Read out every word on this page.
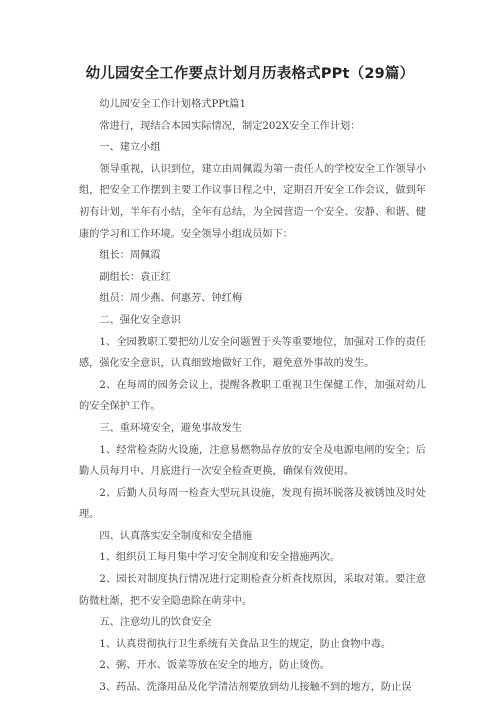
幼儿园安全工作要点计划月历表格式PPt（29篇）

幼儿园安全工作计划格式PPt篇1

常进行，现结合本园实际情况，制定202X安全工作计划：

一、建立小组

领导重视，认识到位，建立由周佩霞为第一责任人的学校安全工作领导小组，把安全工作摆到主要工作议事日程之中，定期召开安全工作会议，做到年初有计划，半年有小结，全年有总结，为全园营造一个安全、安静、和谐、健康的学习和工作环境。安全领导小组成员如下：

组长：周佩霞

副组长：袁正红

组员：周少燕、何惠芳、钟红梅

二、强化安全意识

1、全园教职工要把幼儿安全问题置于头等重要地位，加强对工作的责任感，强化安全意识，认真细致地做好工作，避免意外事故的发生。

2、在每周的园务会议上，提醒各教职工重视卫生保健工作，加强对幼儿的安全保护工作。

三、重环境安全，避免事故发生

1、经常检查防火设施，注意易燃物品存放的安全及电源电闸的安全；后勤人员每月中、月底进行一次安全检查更换，确保有效使用。

2、后勤人员每周一检查大型玩具设施，发现有损坏脱落及被锈蚀及时处理。

四、认真落实安全制度和安全措施

1、组织员工每月集中学习安全制度和安全措施两次。

2、园长对制度执行情况进行定期检查分析查找原因，采取对策。要注意防微杜渐，把不安全隐患除在萌芽中。

五、注意幼儿的饮食安全

1、认真贯彻执行卫生系统有关食品卫生的规定，防止食物中毒。

2、粥、开水、饭菜等放在安全的地方，防止烫伤。

3、药品、洗涤用品及化学清洁剂要放到幼儿接触不到的地方，防止误
